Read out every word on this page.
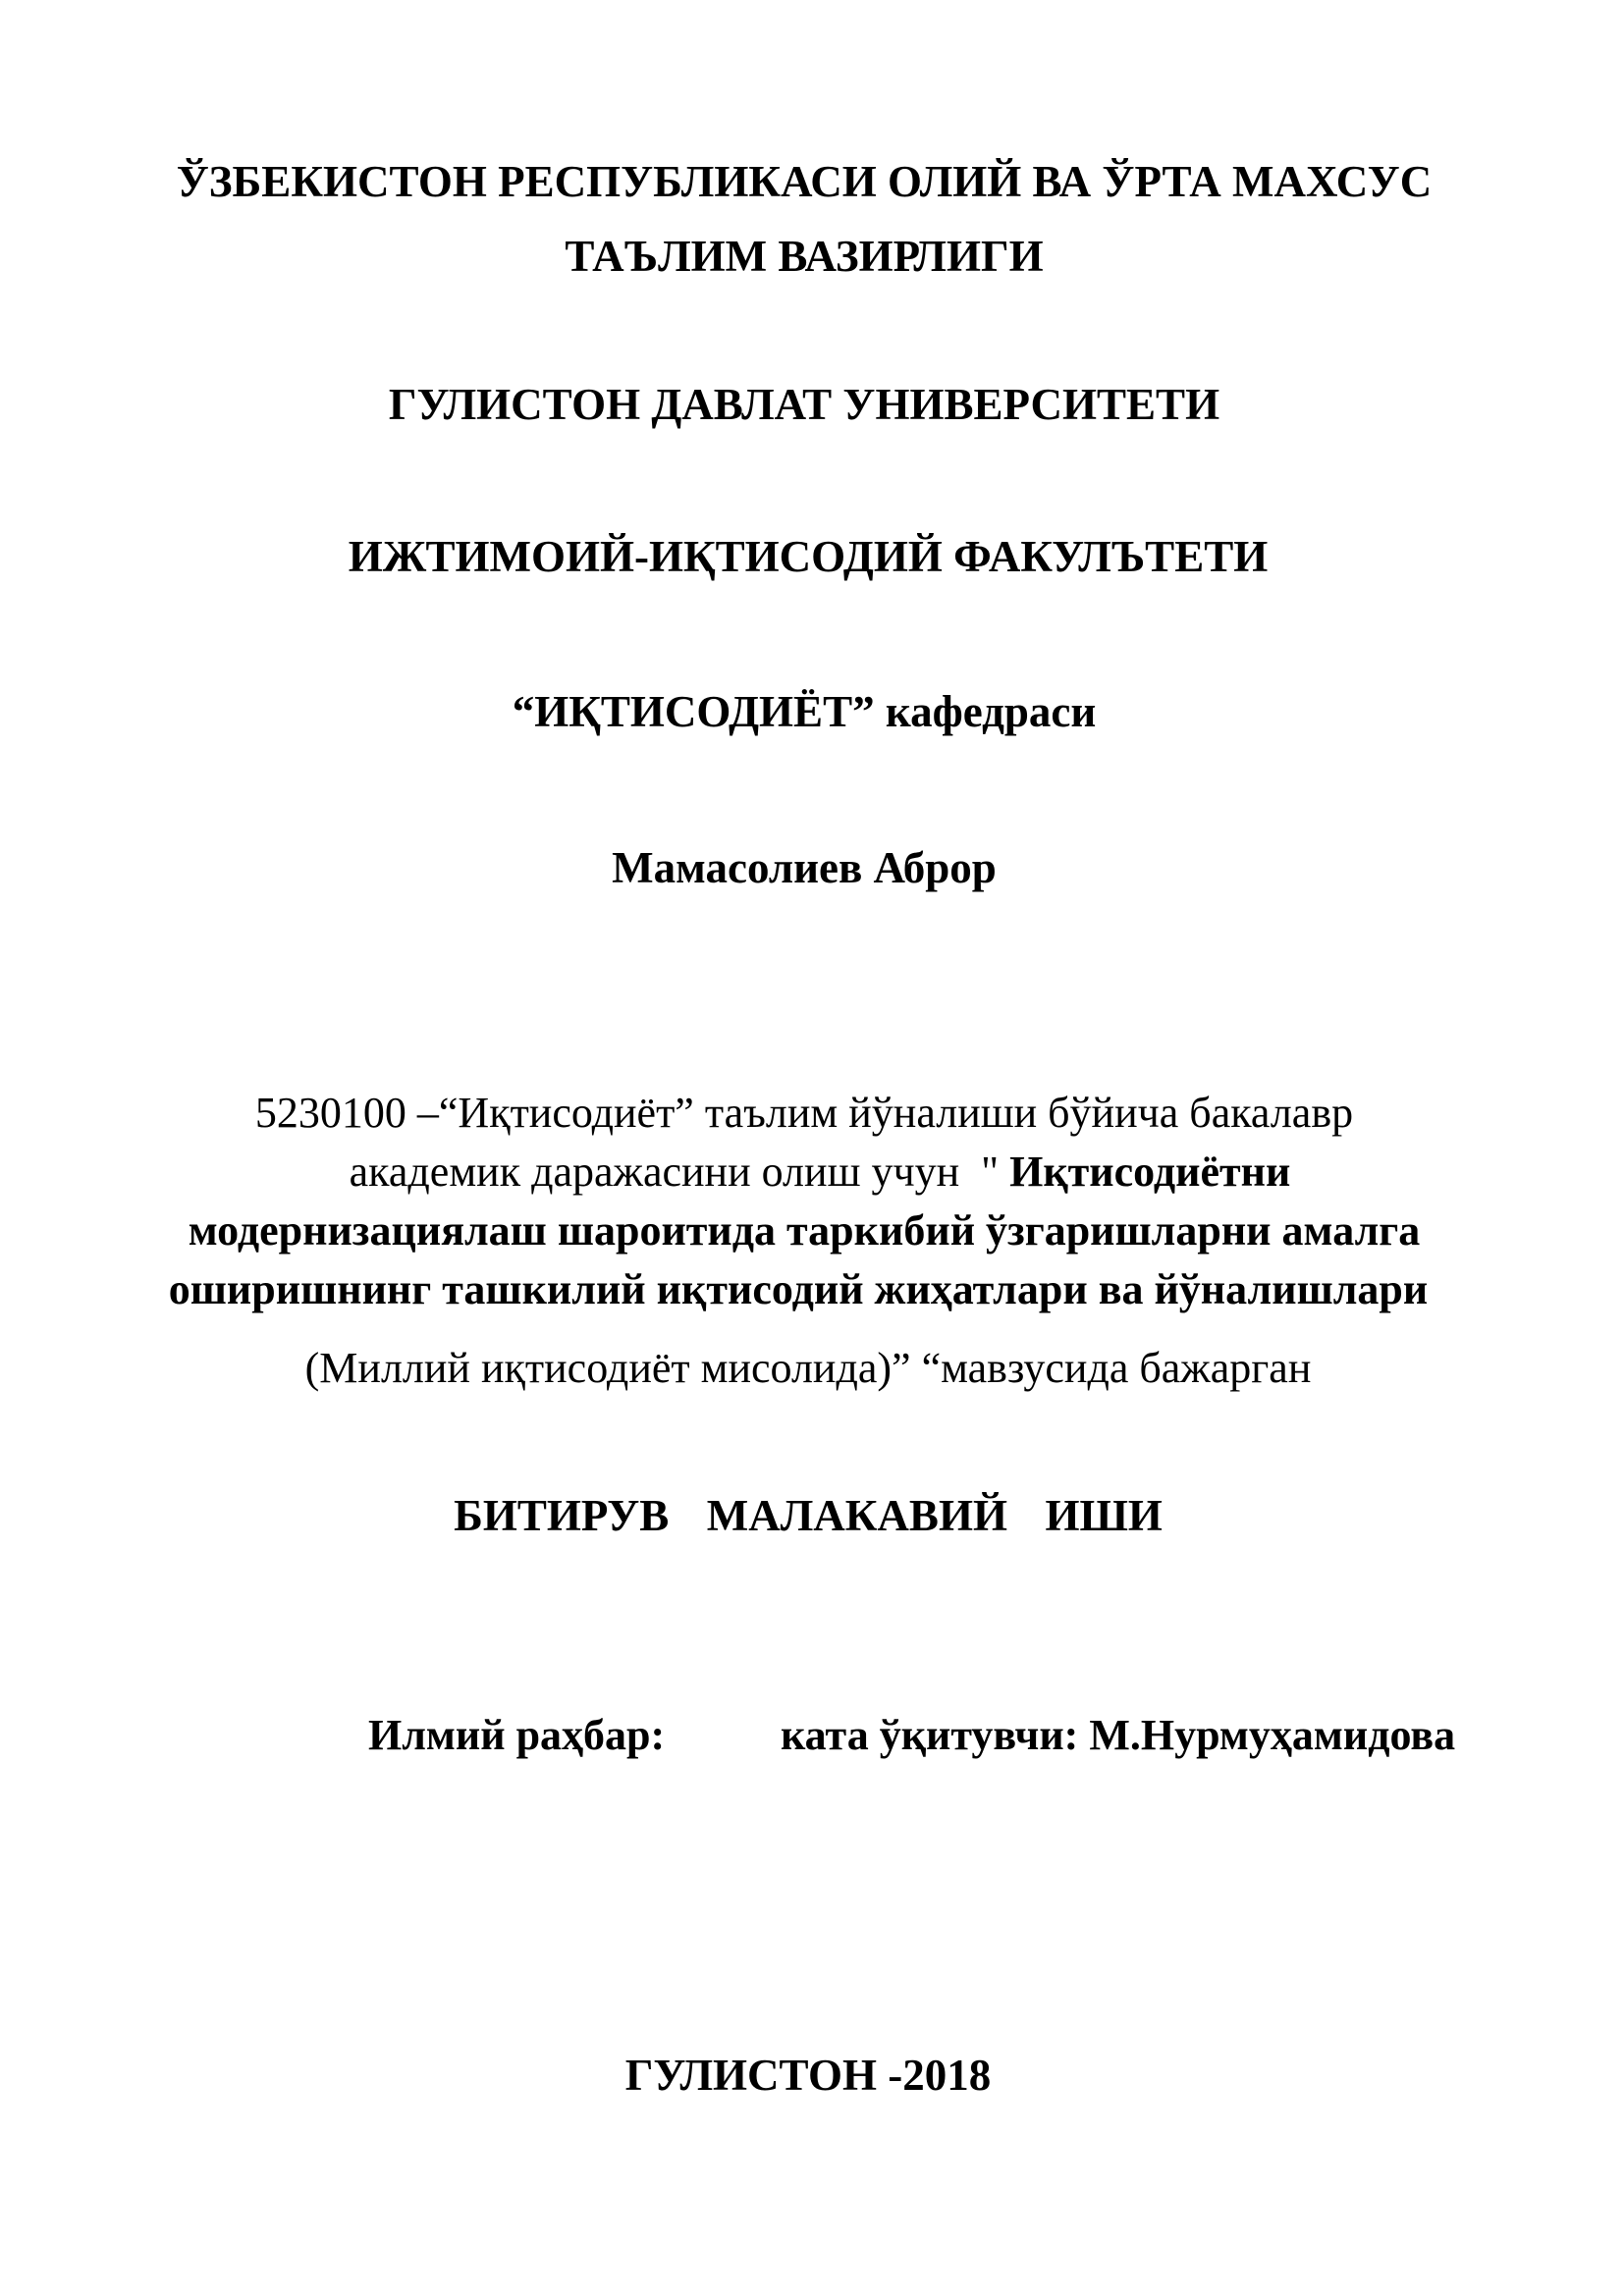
ЎЗБЕКИСТОН РЕСПУБЛИКАСИ ОЛИЙ ВА ЎРТА МАХСУС
ТАЪЛИМ ВАЗИРЛИГИ
ГУЛИСТОН ДАВЛАТ УНИВЕРСИТЕТИ
ИЖТИМОИЙ-ИҚТИСОДИЙ ФАКУЛЪТЕТИ
“ИҚТИСОДИЁТ” кафедраси
Мамасолиев Аброр
5230100 –“Иқтисодиёт” таълим йўналиши бўйича бакалавр
академик даражасини олиш учун  " Иқтисодиётни
модернизациялаш шароитида таркибий ўзгаришларни амалга
оширишнинг ташкилий иқтисодий жиҳатлари ва йўналишлари
(Миллий иқтисодиёт мисолида)” “мавзусида бажарган
БИТИРУВ  МАЛАКАВИЙ  ИШИ
Илмий раҳбар:	ката ўқитувчи: М.Нурмуҳамидова
ГУЛИСТОН -2018
